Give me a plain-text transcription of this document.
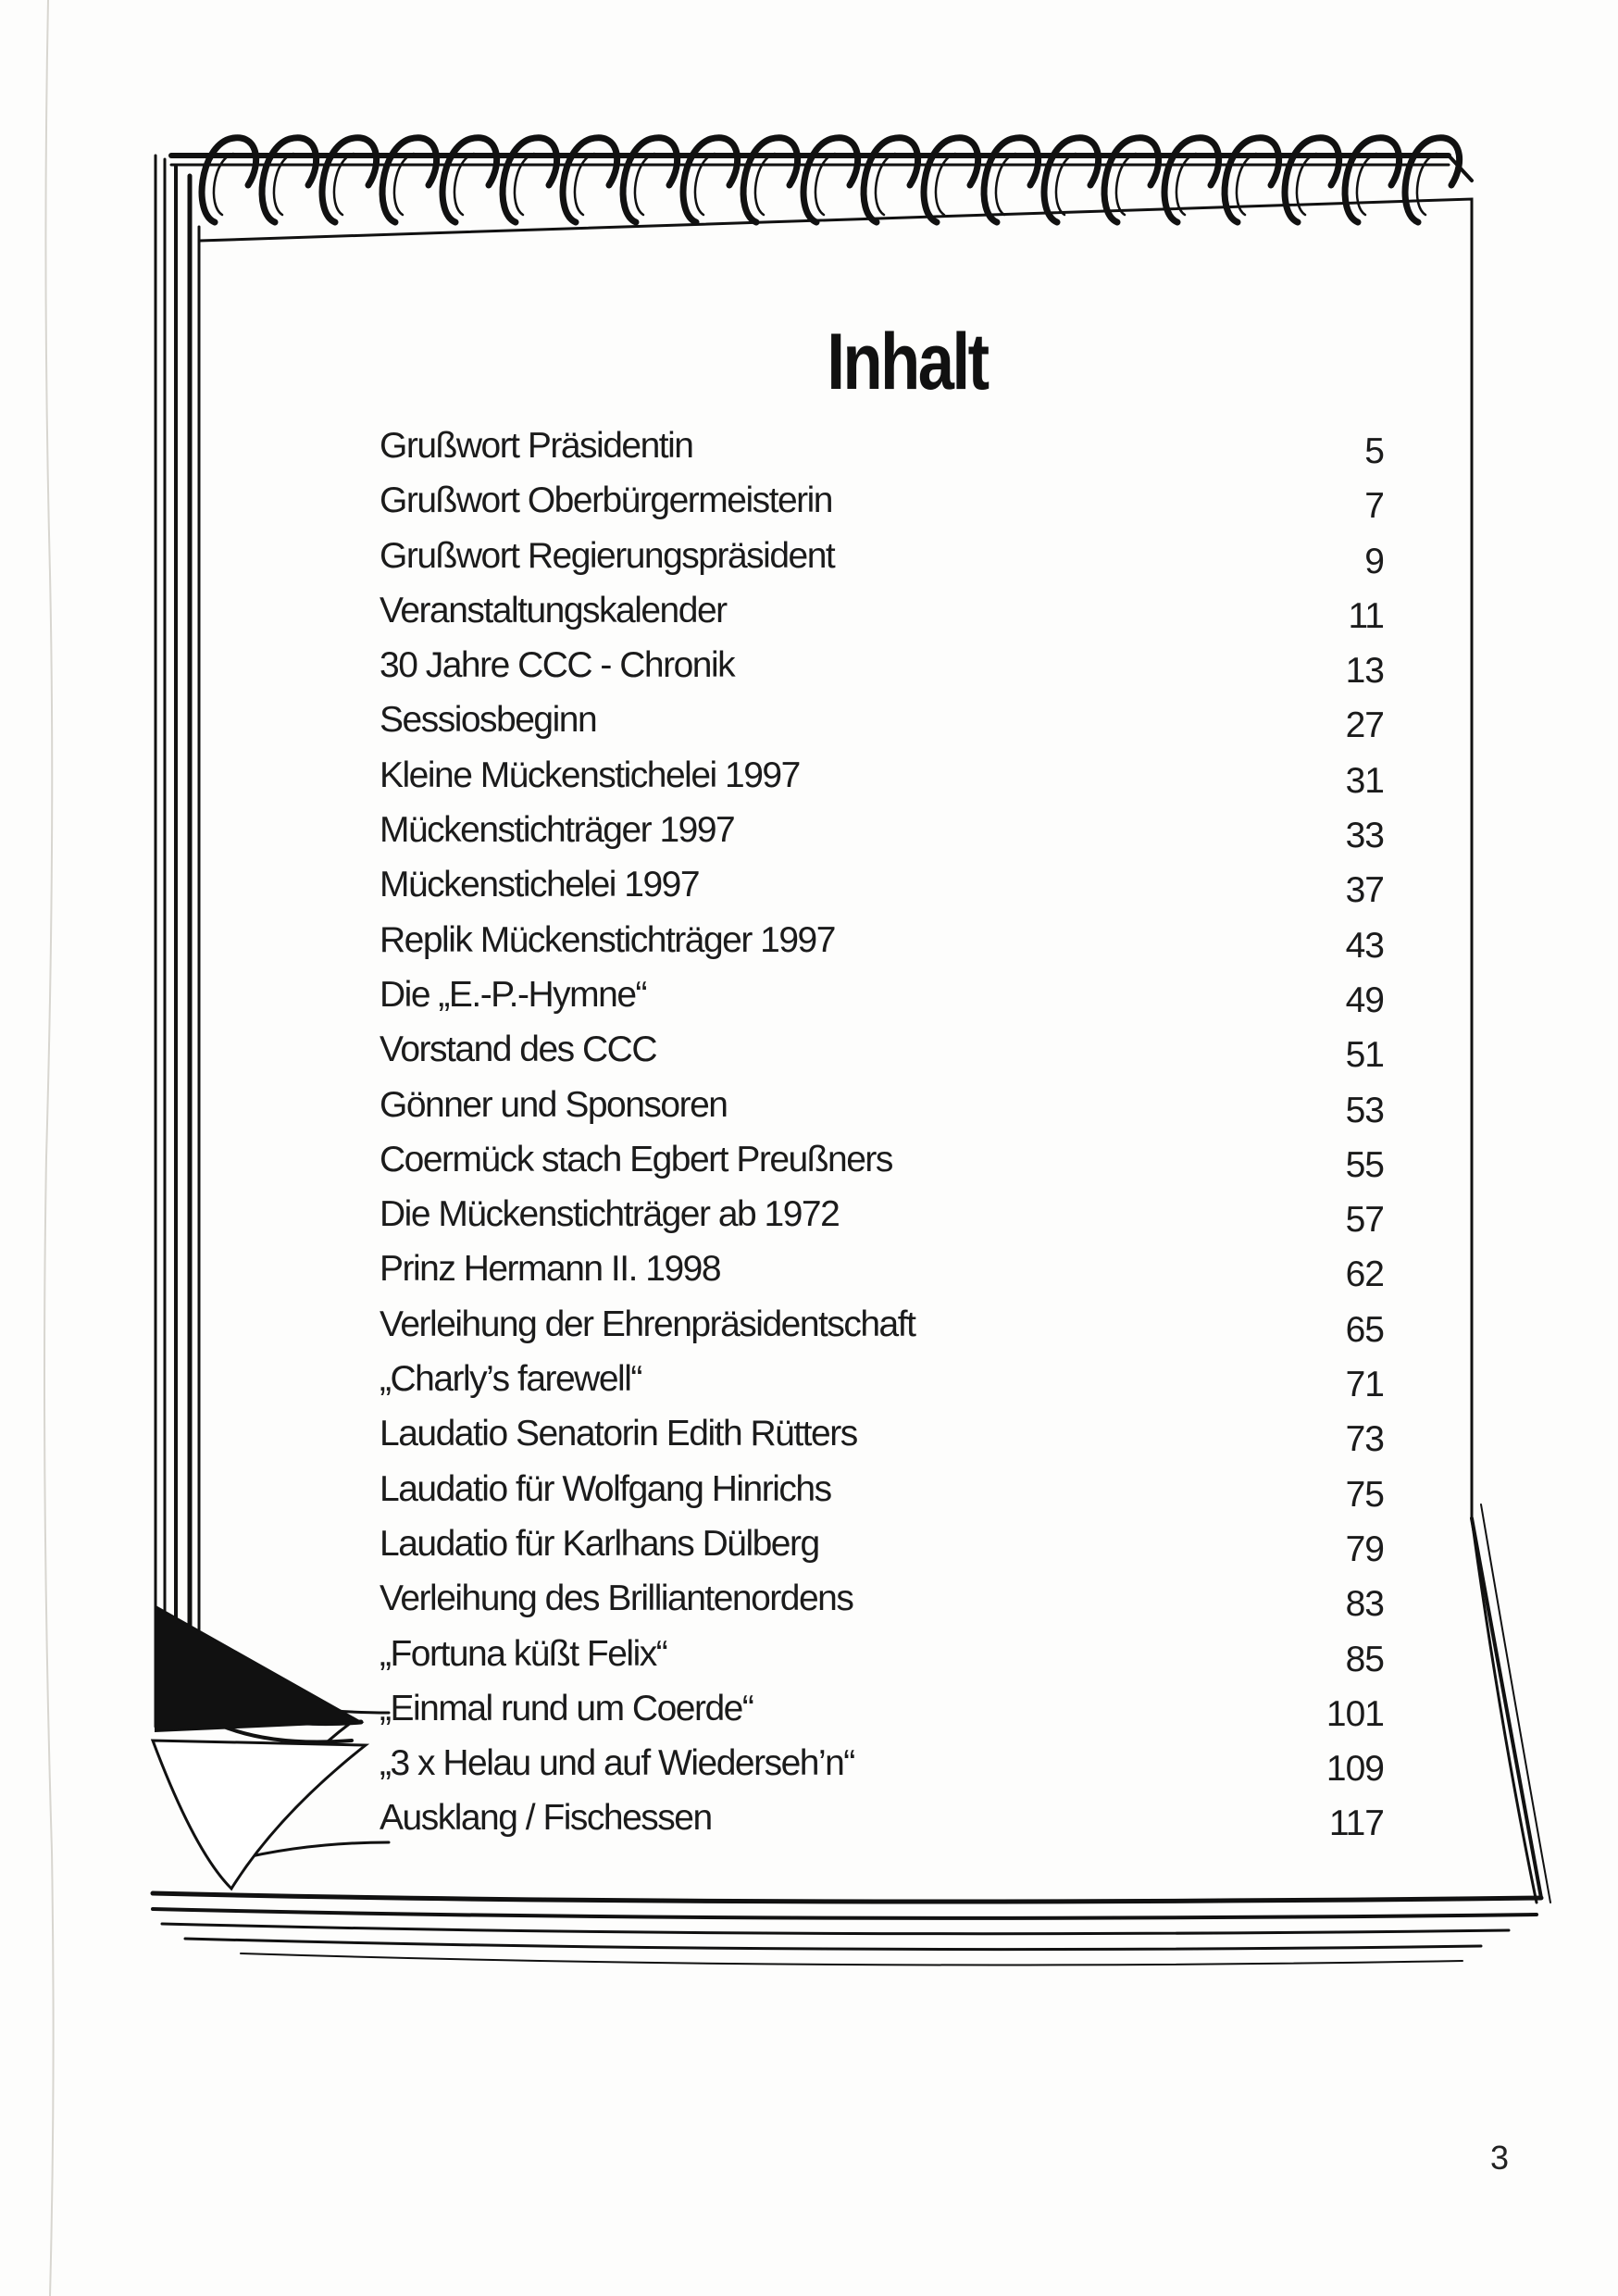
Inhalt
Grußwort Präsidentin	5
Grußwort Oberbürgermeisterin	7
Grußwort Regierungspräsident	9
Veranstaltungskalender	11
30 Jahre CCC - Chronik	13
Sessiosbeginn	27
Kleine Mückenstichelei 1997	31
Mückenstichträger 1997	33
Mückenstichelei 1997	37
Replik Mückenstichträger 1997	43
Die „E.-P.-Hymne“	49
Vorstand des CCC	51
Gönner und Sponsoren	53
Coermück stach Egbert Preußners	55
Die Mückenstichträger ab 1972	57
Prinz Hermann II. 1998	62
Verleihung der Ehrenpräsidentschaft	65
„Charly’s farewell“	71
Laudatio Senatorin Edith Rütters	73
Laudatio für Wolfgang Hinrichs	75
Laudatio für Karlhans Dülberg	79
Verleihung des Brilliantenordens	83
„Fortuna küßt Felix“	85
„Einmal rund um Coerde“	101
„3 x Helau und auf Wiederseh’n“	109
Ausklang / Fischessen	117
3
